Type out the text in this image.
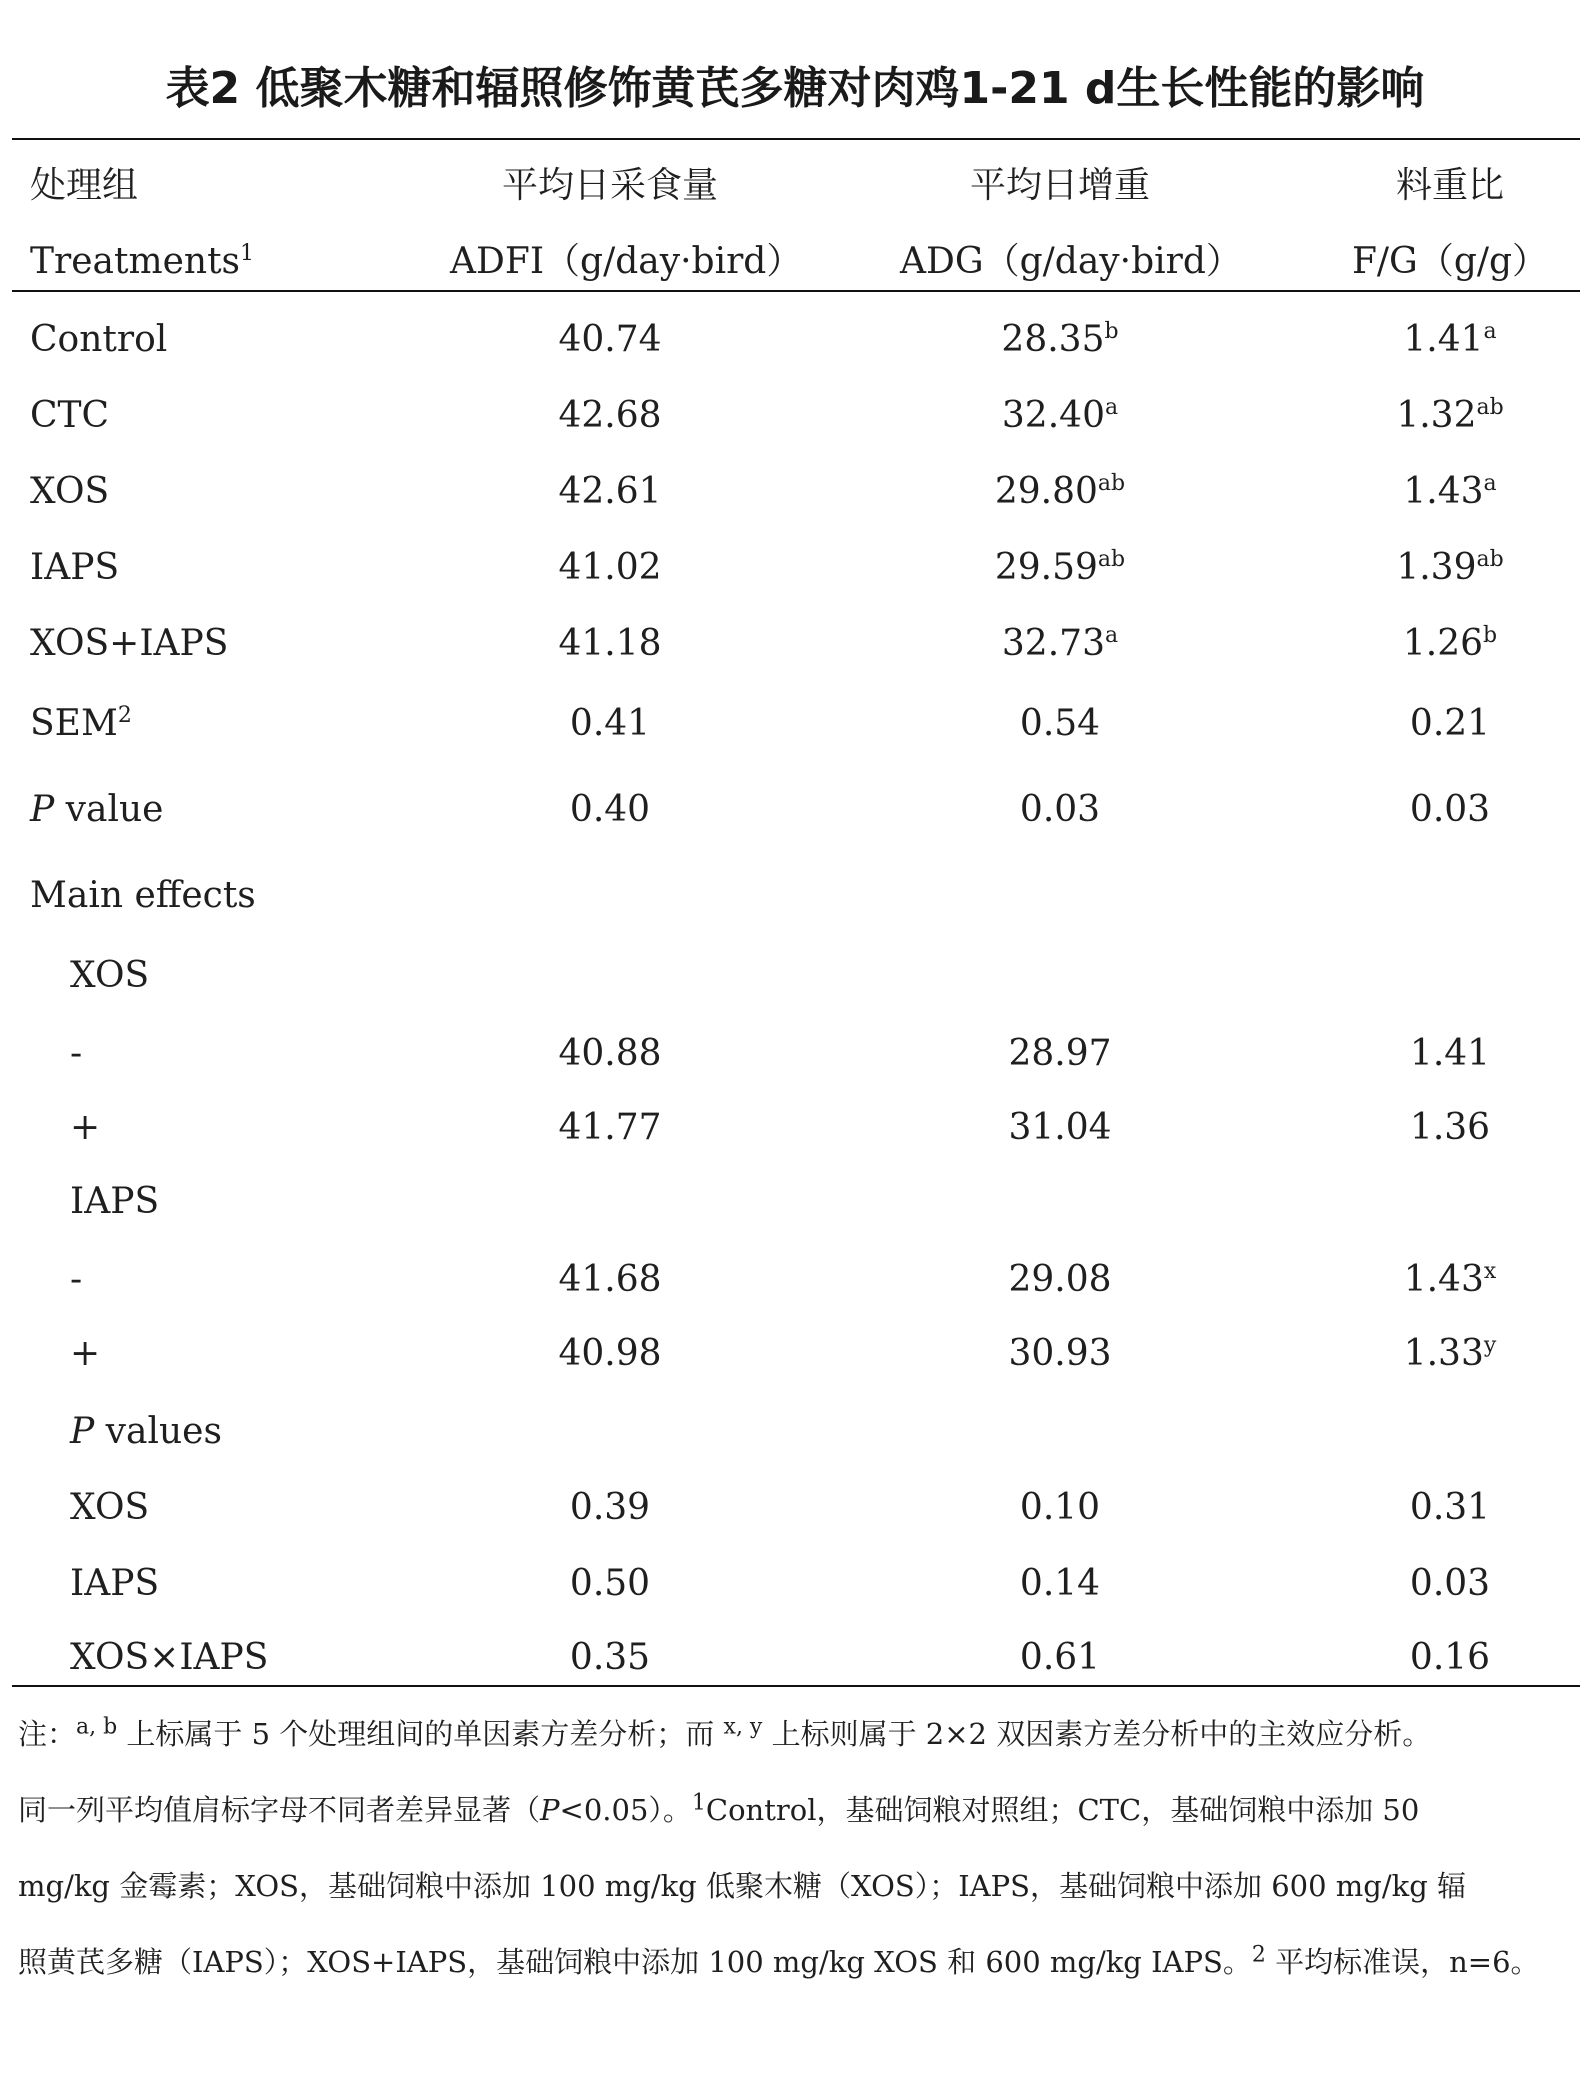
表2 低聚木糖和辐照修饰黄芪多糖对肉鸡1-21 d生长性能的影响
处理组	平均日采食量	平均日增重	料重比
Treatments$^1$	ADFI（g/day·bird）	ADG（g/day·bird）	F/G（g/g）
Control	40.74	28.35$^b$	1.41$^a$
CTC	42.68	32.40$^a$	1.32$^{ab}$
XOS	42.61	29.80$^{ab}$	1.43$^a$
IAPS	41.02	29.59$^{ab}$	1.39$^{ab}$
XOS+IAPS	41.18	32.73$^a$	1.26$^b$
SEM$^2$	0.41	0.54	0.21
P value	0.40	0.03	0.03
Main effects
XOS
-	40.88	28.97	1.41
+	41.77	31.04	1.36
IAPS
-	41.68	29.08	$1.43^x$
+	40.98	30.93	1.33$^y$
P values
XOS	0.39	0.10	0.31
IAPS	0.50	0.14	0.03
XOS×IAPS	0.35	0.61	0.16
注：$^{a, b}$ 上标属于 5 个处理组间的单因素方差分析；而 $^{x, y}$ 上标则属于 2×2 双因素方差分析中的主效应分析。
同一列平均值肩标字母不同者差异显著（P<0.05）。$^1$Control，基础饲粮对照组；CTC，基础饲粮中添加 50
mg/kg 金霉素；XOS，基础饲粮中添加 100 mg/kg 低聚木糖（XOS）；IAPS，基础饲粮中添加 600 mg/kg 辐
照黄芪多糖（IAPS）；XOS+IAPS，基础饲粮中添加 100 mg/kg XOS 和 600 mg/kg IAPS。$^2$ 平均标准误，n=6。
